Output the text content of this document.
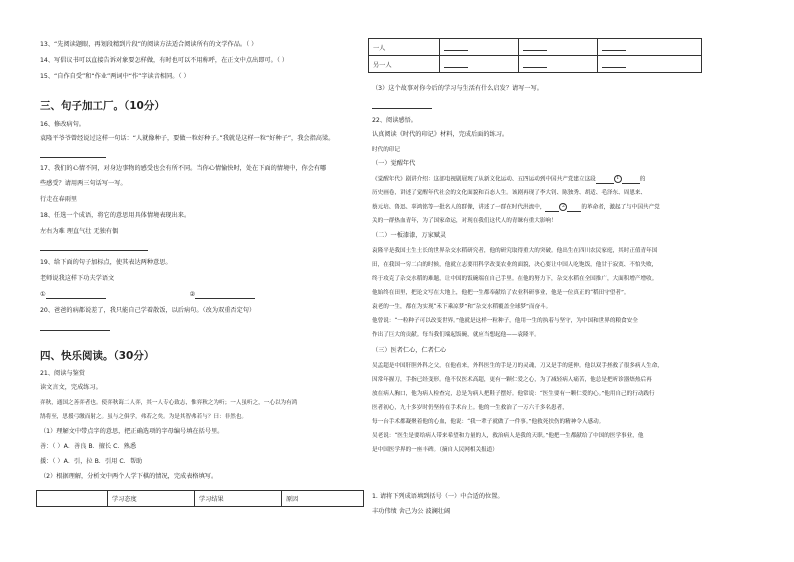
13、“先阅读题眼，再划段精到片段”的阅读方法适合阅读所有的文学作品。（ ）
14、写倡议书可以直接告诉对象要怎样做，有时也可以不用称呼，在正文中点出即可。（ ）
15、“自作自受”和“作业”两词中“作”字读音相同。（ ）
三、句子加工厂。（10分）
16、修改病句。
袁隆平爷爷曾经说过这样一句话：“人就像种子，要做一粒好种子。”我就是这样一粒“好种子”，我会指高梁。
17、我们的心情不同，对身边事物的感受也会有所不同。当你心情愉快时，处在下面的情境中，你会有哪
些感受？请用两三句话写一写。
行走在春雨里
18、任选一个成语，将它的意思用具体情境表现出来。
左右为难 理直气壮 无独有偶
19、给下面的句子加标点，使其表达两种意思。
老师说我这样下功夫学语文
①	②
20、爸爸的病都说差了，我只能自己学着散饭，以后病句。（改为双重否定句）
四、快乐阅读。（30分）
21、阅读与鉴赏
读文言文，完成练习。
弈秋，通国之善弈者也。使弈秋诲二人弈，其一人专心致志，惟弈秋之为听；一人虽听之，一心以为有鸿
鹄将至，思援弓缴而射之。虽与之俱学，弗若之矣。为是其智弗若与？曰：非然也。
（1）理解文中带点字的意思，把正确选项的字母编号填在括号里。
善：（ ）A．善良 B．擅长 C．熟悉
援：（ ）A．引，拉 B．引用 C．帮助
（2）根据理解，分析文中两个人学下棋的情况，完成表格填写。
	学习态度	学习结果	原因
一人			
另一人			
（3）这个故事对你今后的学习与生活有什么启发？请写一写。
22、阅读感悟。
认真阅读《时代的印记》材料，完成后面的练习。
时代的印记
（一）觉醒年代
《觉醒年代》剧讲介绍：这部电视剧展现了从新文化运动、五四运动到中国共产党建立这段	1	的
历史画卷，讲述了觉醒年代社会的文化面貌和百态人生。该剧再现了李大钊、陈独秀、胡适、毛泽东、周恩来、
蔡元培、鲁迅、辜鸿铭等一批名人的群像，讲述了一群在时代洪流中，	2	的革命者，激起了与中国共产党
关的一群热血青年，为了国家命运，对现在我们这代人的青睐有重大影响！
（二）一板漆漆，万家赋灵
袁隆平是我国土生土长的世界杂交水稻研究者，他的研究取得重大的突破。他出生在四川农民家庭，其时正值青年国
田，在我国一穷二白的时候，他就立志要用科学改变农业的面貌，决心要让中国人吃饱饭，他甘于寂寞、不怕失败，
终于攻克了杂交水稻的难题，让中国的饭碗端在自己手里。在他的努力下，杂交水稻在全国推广，大面积增产增收。
他始终在田里，把论文写在大地上，他把一生都奉献给了农业科研事业，他是一位真正的“稻田守望者”。
袁老的一生，都在为实现“禾下乘凉梦”和“杂交水稻覆盖全球梦”而奋斗。
他曾说：“一粒种子可以改变世界。”他就是这样一粒种子，他用一生的执着与坚守，为中国和世界的粮食安全
作出了巨大的贡献。每当我们端起饭碗，就应当想起他——袁隆平。
（三）医者仁心，仁者仁心
吴孟超是中国肝胆外科之父，在他看来，外科医生的手是刀的灵魂，刀又是手的延伸。他以双手拯救了很多病人生命，
因常年握刀，手指已经变形。他不仅医术高超，更有一颗仁爱之心，为了减轻病人痛苦，他总是把听诊器焐热后再
放在病人胸口，他为病人检查完，总是为病人把鞋子摆好。他常说：“医生要有一颗仁爱的心。”他用自己的行动践行
医者初心，九十多岁时仍坚持在手术台上。他的一生救治了一万六千多名患者，
每一台手术都凝聚着他的心血，他说：“我一辈子就做了一件事。”他救死扶伤的精神令人感动。
吴老说：“医生是要给病人带来希望和力量的人，救治病人是我的天职。”他把一生都献给了中国的医学事业，他
是中国医学界的一座丰碑。（摘自人民网相关报道）
1. 请将下列成语填到括号（一）中合适的位置。
丰功伟绩 舍己为公 波澜壮阔
